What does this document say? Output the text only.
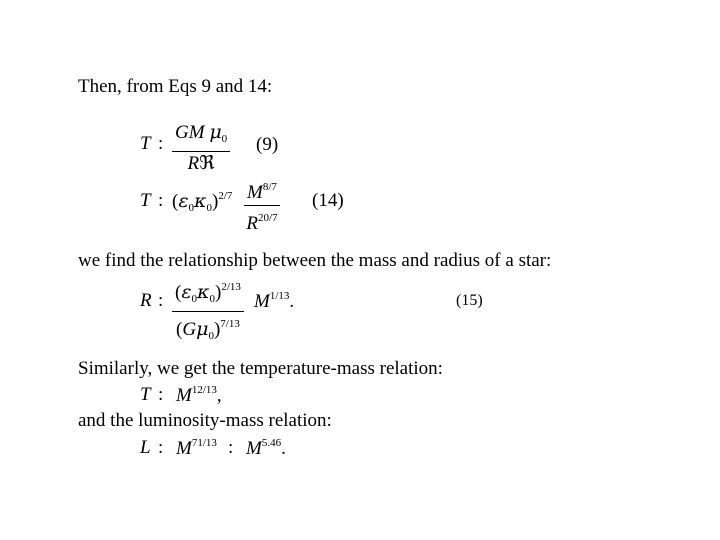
Then, from Eqs 9 and 14:
T :
GM $\mu_0$
Rℜ
(9)
T : $(\varepsilon_0\kappa_0)^{2/7} \frac{M^{8/7}}{R^{20/7}} (14)$
we find the relationship between the mass and radius of a star:
R : $\frac{(\varepsilon_0\kappa_0)^{2/13}}{(G\mu_0)^{7/13}} M^{1/13}$.	(15)
Similarly, we get the temperature-mass relation:
T : $M^{12/13}$,
and the luminosity-mass relation:
L : $M^{71/13}$ : $M^{5.46}$.
